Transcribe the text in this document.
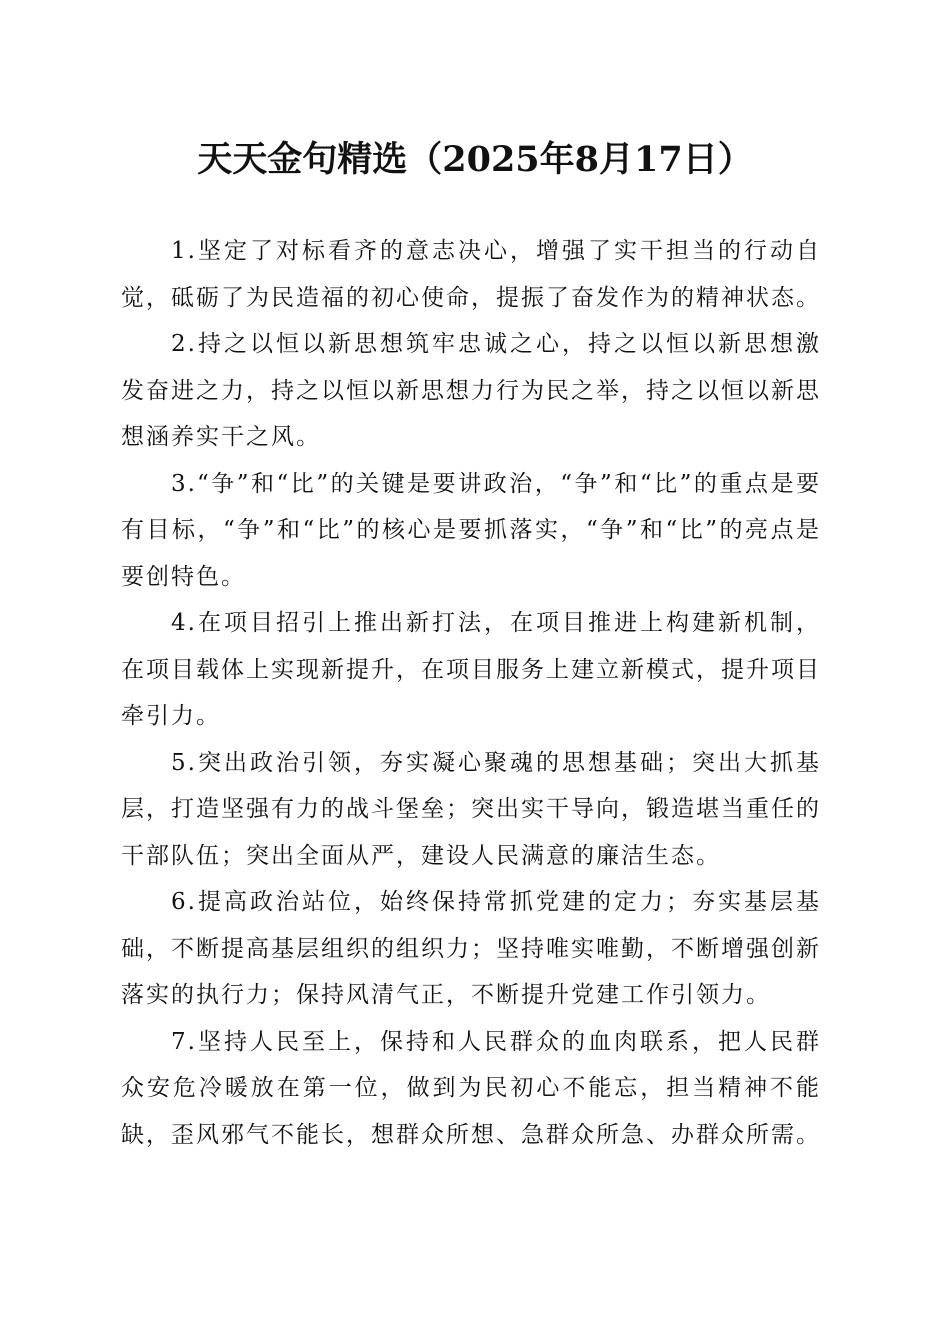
天天金句精选（2025年8月17日）

1.坚定了对标看齐的意志决心，增强了实干担当的行动自觉，砥砺了为民造福的初心使命，提振了奋发作为的精神状态。

2.持之以恒以新思想筑牢忠诚之心，持之以恒以新思想激发奋进之力，持之以恒以新思想力行为民之举，持之以恒以新思想涵养实干之风。

3.“争”和“比”的关键是要讲政治，“争”和“比”的重点是要有目标，“争”和“比”的核心是要抓落实，“争”和“比”的亮点是要创特色。

4.在项目招引上推出新打法，在项目推进上构建新机制，在项目载体上实现新提升，在项目服务上建立新模式，提升项目牵引力。

5.突出政治引领，夯实凝心聚魂的思想基础；突出大抓基层，打造坚强有力的战斗堡垒；突出实干导向，锻造堪当重任的干部队伍；突出全面从严，建设人民满意的廉洁生态。

6.提高政治站位，始终保持常抓党建的定力；夯实基层基础，不断提高基层组织的组织力；坚持唯实唯勤，不断增强创新落实的执行力；保持风清气正，不断提升党建工作引领力。

7.坚持人民至上，保持和人民群众的血肉联系，把人民群众安危冷暖放在第一位，做到为民初心不能忘，担当精神不能缺，歪风邪气不能长，想群众所想、急群众所急、办群众所需。
